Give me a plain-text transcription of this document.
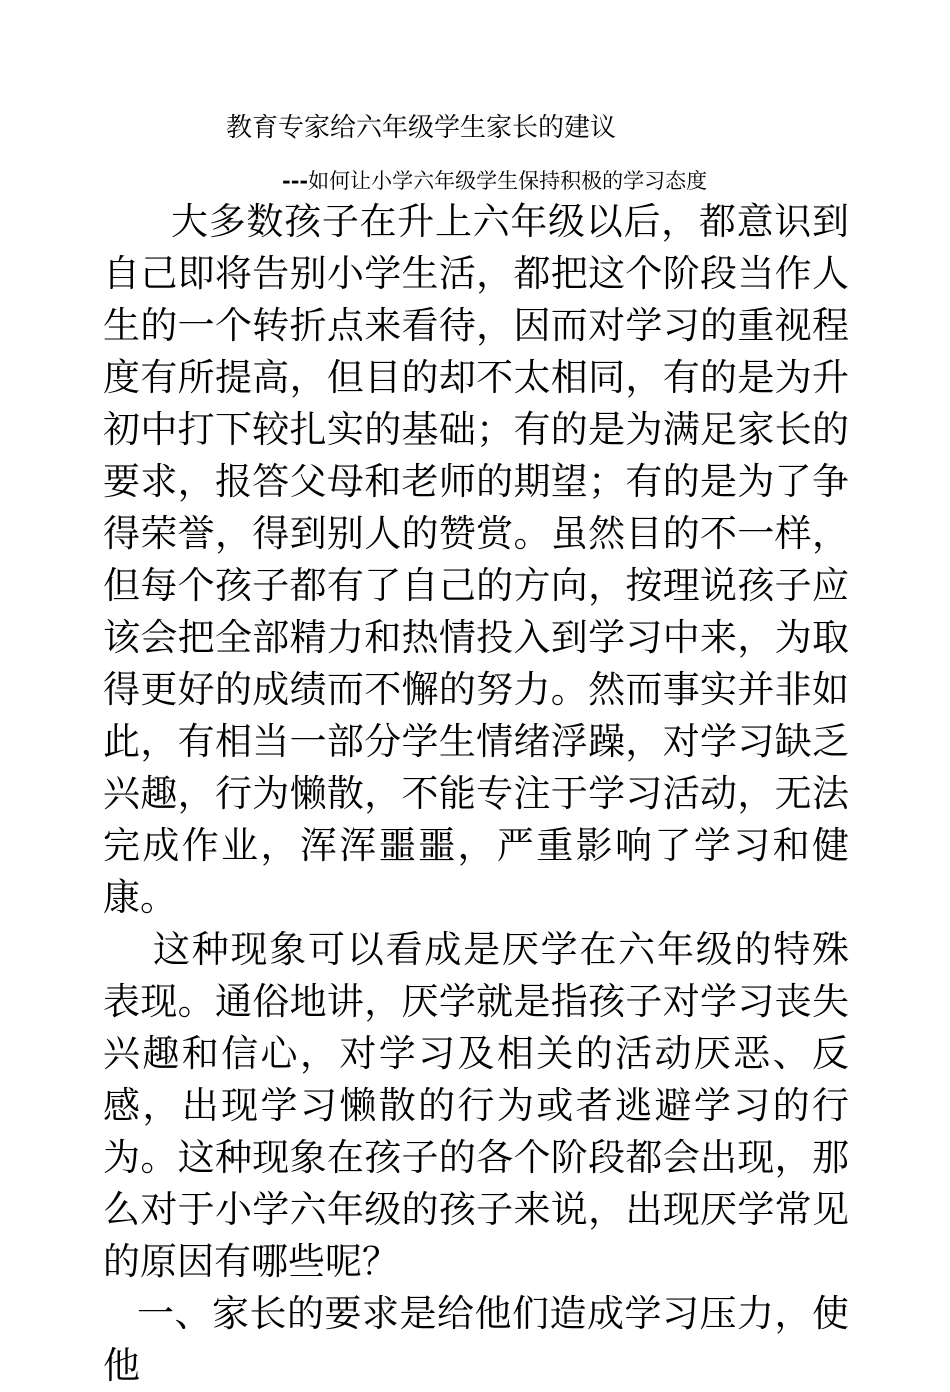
教育专家给六年级学生家长的建议
---如何让小学六年级学生保持积极的学习态度

大多数孩子在升上六年级以后，都意识到自己即将告别小学生活，都把这个阶段当作人生的一个转折点来看待，因而对学习的重视程度有所提高，但目的却不太相同，有的是为升初中打下较扎实的基础；有的是为满足家长的要求，报答父母和老师的期望；有的是为了争得荣誉，得到别人的赞赏。虽然目的不一样，但每个孩子都有了自己的方向，按理说孩子应该会把全部精力和热情投入到学习中来，为取得更好的成绩而不懈的努力。然而事实并非如此，有相当一部分学生情绪浮躁，对学习缺乏兴趣，行为懒散，不能专注于学习活动，无法完成作业，浑浑噩噩，严重影响了学习和健康。

这种现象可以看成是厌学在六年级的特殊表现。通俗地讲，厌学就是指孩子对学习丧失兴趣和信心，对学习及相关的活动厌恶、反感，出现学习懒散的行为或者逃避学习的行为。这种现象在孩子的各个阶段都会出现，那么对于小学六年级的孩子来说，出现厌学常见的原因有哪些呢？

一、家长的要求是给他们造成学习压力，使他
